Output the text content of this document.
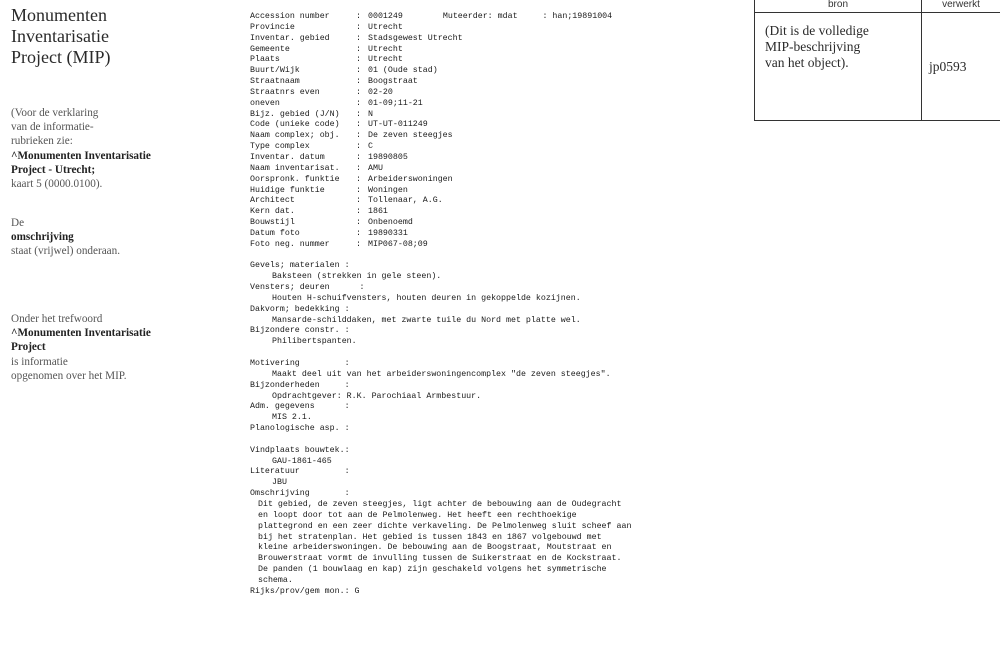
Monumenten
Inventarisatie
Project (MIP)
(Voor de verklaring
van de informatie-
rubrieken zie:
^Monumenten Inventarisatie
Project - Utrecht;
kaart 5 (0000.0100).
De
omschrijving
staat (vrijwel) onderaan.
Onder het trefwoord
^Monumenten Inventarisatie
Project
is informatie
opgenomen over het MIP.
Accession number	: 0001249	Muteerder: mdat     : han;19891004
Provincie	: Utrecht
Inventar. gebied	: Stadsgewest Utrecht
Gemeente	: Utrecht
Plaats	: Utrecht
Buurt/Wijk	: 01 (Oude stad)
Straatnaam	: Boogstraat
Straatnrs even	: 02-20
oneven	: 01-09;11-21
Bijz. gebied (J/N)	: N
Code (unieke code)	: UT-UT-011249
Naam complex; obj.	: De zeven steegjes
Type complex	: C
Inventar. datum	: 19890805
Naam inventarisat.	: AMU
Oorspronk. funktie	: Arbeiderswoningen
Huidige funktie	: Woningen
Architect	: Tollenaar, A.G.
Kern dat.	: 1861
Bouwstijl	: Onbenoemd
Datum foto	: 19890331
Foto neg. nummer	: MIP067-08;09
Gevels; materialen :
Baksteen (strekken in gele steen).
Vensters; deuren      :
Houten H-schuifvensters, houten deuren in gekoppelde kozijnen.
Dakvorm; bedekking :
Mansarde-schilddaken, met zwarte tuile du Nord met platte wel.
Bijzondere constr. :
Philibertspanten.
Motivering         :
Maakt deel uit van het arbeiderswoningencomplex "de zeven steegjes".
Bijzonderheden     :
Opdrachtgever: R.K. Parochiaal Armbestuur.
Adm. gegevens      :
MIS 2.1.
Planologische asp. :
Vindplaats bouwtek.:
GAU-1861-465
Literatuur         :
JBU
Omschrijving       :
Dit gebied, de zeven steegjes, ligt achter de bebouwing aan de Oudegracht
en loopt door tot aan de Pelmolenweg. Het heeft een rechthoekige
plattegrond en een zeer dichte verkaveling. De Pelmolenweg sluit scheef aan
bij het stratenplan. Het gebied is tussen 1843 en 1867 volgebouwd met
kleine arbeiderswoningen. De bebouwing aan de Boogstraat, Moutstraat en
Brouwerstraat vormt de invulling tussen de Suikerstraat en de Kockstraat.
De panden (1 bouwlaag en kap) zijn geschakeld volgens het symmetrische
schema.
Rijks/prov/gem mon.: G
bron	verwerkt
(Dit is de volledige
MIP-beschrijving
van het object).	jp0593
